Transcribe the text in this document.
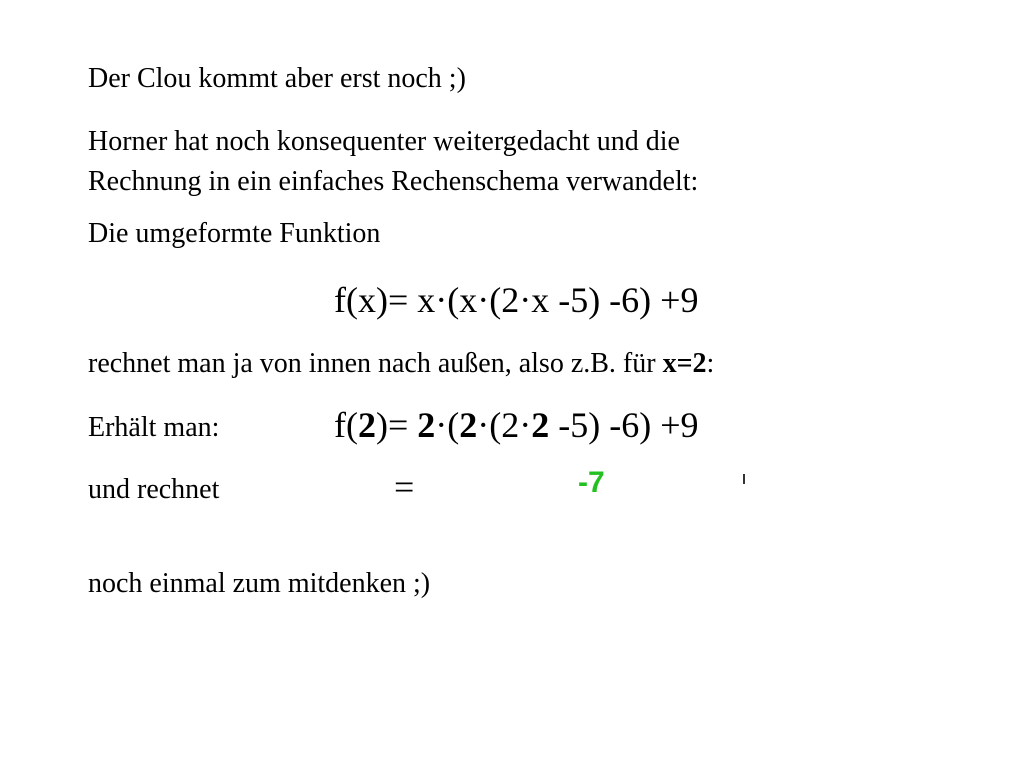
Der Clou kommt aber erst noch ;)
Horner hat noch konsequenter weitergedacht und die
Rechnung in ein einfaches Rechenschema verwandelt:
Die umgeformte Funktion
f(x)= x·(x·(2·x -5) -6) +9
rechnet man ja von innen nach außen, also z.B. für x=2:
Erhält man:	f(2)= 2·(2·(2·2 -5) -6) +9
und rechnet	=	-7
noch einmal zum mitdenken ;)
